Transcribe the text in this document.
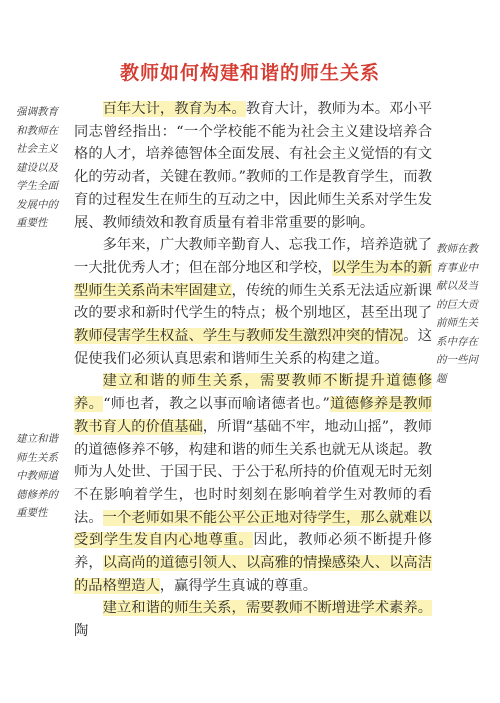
教师如何构建和谐的师生关系
强调教育
和教师在
社会主义
建设以及
学生全面
发展中的
重要性
教师在教
育事业中
献以及当
的巨大贡
前师生关
系中存在
的一些问
题
建立和谐
师生关系
中教师道
德修养的
重要性

百年大计，教育为本。教育大计，教师为本。邓小平同志曾经指出：“一个学校能不能为社会主义建设培养合格的人才，培养德智体全面发展、有社会主义觉悟的有文化的劳动者，关键在教师。”教师的工作是教育学生，而教育的过程发生在师生的互动之中，因此师生关系对学生发展、教师绩效和教育质量有着非常重要的影响。

多年来，广大教师辛勤育人、忘我工作，培养造就了一大批优秀人才；但在部分地区和学校，以学生为本的新型师生关系尚未牢固建立，传统的师生关系无法适应新课改的要求和新时代学生的特点；极个别地区，甚至出现了教师侵害学生权益、学生与教师发生激烈冲突的情况。这促使我们必须认真思索和谐师生关系的构建之道。

建立和谐的师生关系，需要教师不断提升道德修养。“师也者，教之以事而喻诸德者也。”道德修养是教师教书育人的价值基础，所谓“基础不牢，地动山摇”，教师的道德修养不够，构建和谐的师生关系也就无从谈起。教师为人处世、于国于民、于公于私所持的价值观无时无刻不在影响着学生，也时时刻刻在影响着学生对教师的看法。一个老师如果不能公平公正地对待学生，那么就难以受到学生发自内心地尊重。因此，教师必须不断提升修养，以高尚的道德引领人、以高雅的情操感染人、以高洁的品格塑造人，赢得学生真诚的尊重。

建立和谐的师生关系，需要教师不断增进学术素养。陶
